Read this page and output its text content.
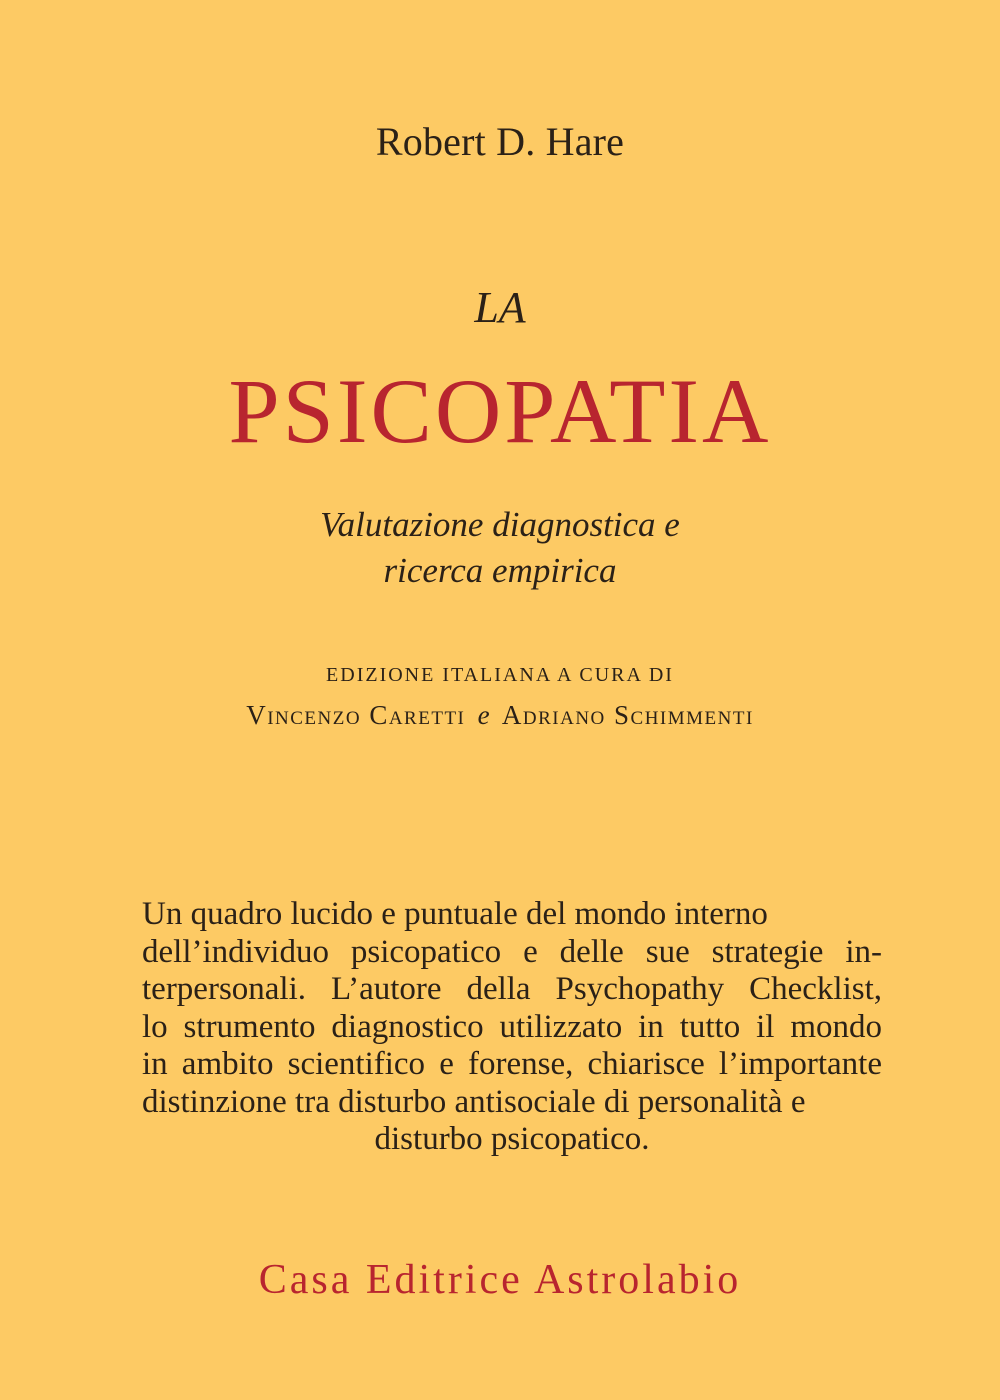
Robert D. Hare
LA
PSICOPATIA
Valutazione diagnostica e
ricerca empirica
EDIZIONE ITALIANA A CURA DI
Vincenzo Caretti e Adriano Schimmenti
Un quadro lucido e puntuale del mondo interno
dell’individuo psicopatico e delle sue strategie in-
terpersonali. L’autore della Psychopathy Checklist,
lo strumento diagnostico utilizzato in tutto il mondo
in ambito scientifico e forense, chiarisce l’importante
distinzione tra disturbo antisociale di personalità e
disturbo psicopatico.
Casa Editrice Astrolabio
